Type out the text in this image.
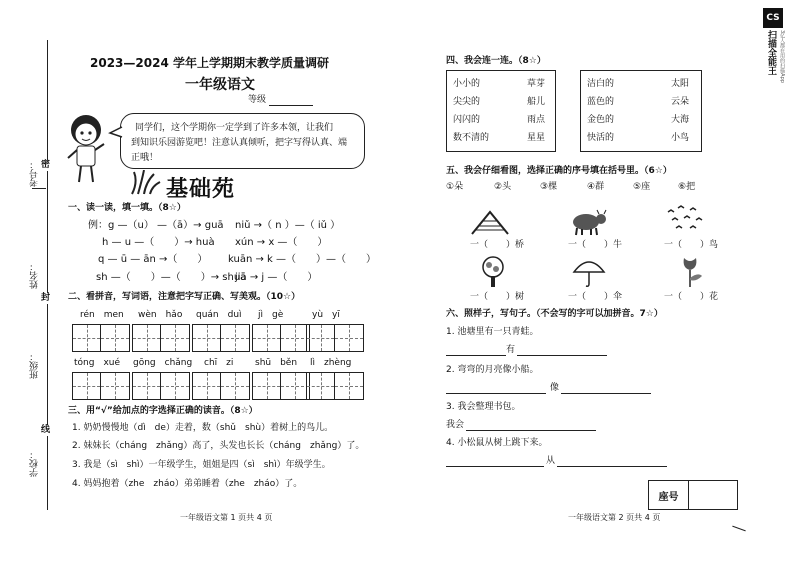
考号：
姓名：
班级：
学校：
密
封
线
2023—2024 学年上学期期末教学质量调研
一年级语文
等级
同学们，这个学期你一定学到了许多本领，让我们
到知识乐园游览吧！注意认真倾听，把字写得认真、端
正哦！
基础苑
一、读一读，填一填。（8☆）
例：g —（u） —（ā）→ guā niǔ →（ n ）—（ iǔ ）
h — u —（　　）→ huà xún → x —（　　）
q — ū — ān →（　　） kuān → k —（　　）—（　　）
sh —（　　）—（　　）→ shuā
jiā → j —（　　）
二、看拼音，写词语，注意把字写正确、写美观。（10☆）
rén　men wèn　hǎo quán　duì jì　gè	yù　yī
tóng　xué gōng　chǎng chī　zi shū　běn lì　zhèng
三、用“√”给加点的字选择正确的读音。（8☆）
1. 奶奶慢慢地（dì　de）走着，数（shǔ　shù）着树上的鸟儿。
2. 妹妹长（cháng　zhǎng）高了，头发也长长（cháng　zhǎng）了。
3. 我是（sì　shì）一年级学生，姐姐是四（sì　shì）年级学生。
4. 妈妈抱着（zhe　zháo）弟弟睡着（zhe　zháo）了。
一年级语文第 1 页共 4 页
四、我会连一连。（8☆）
小小的
尖尖的
闪闪的
数不清的
草芽
船儿
雨点
星星
洁白的
蓝色的
金色的
快活的
太阳
云朵
大海
小鸟
五、我会仔细看图，选择正确的序号填在括号里。（6☆）
①朵	②头	③棵	④群	⑤座	⑥把
一（　　）桥	一（　　）牛	一（　　）鸟
一（　　）树	一（　　）伞	一（　　）花
六、照样子，写句子。（不会写的字可以加拼音。7☆）
1. 池塘里有一只青蛙。
有
2. 弯弯的月亮像小船。
像
3. 我会整理书包。
我会
4. 小松鼠从树上跳下来。
从
座号
一年级语文第 2 页共 4 页
CS
扫描全能王 3亿人都在用的扫描App
